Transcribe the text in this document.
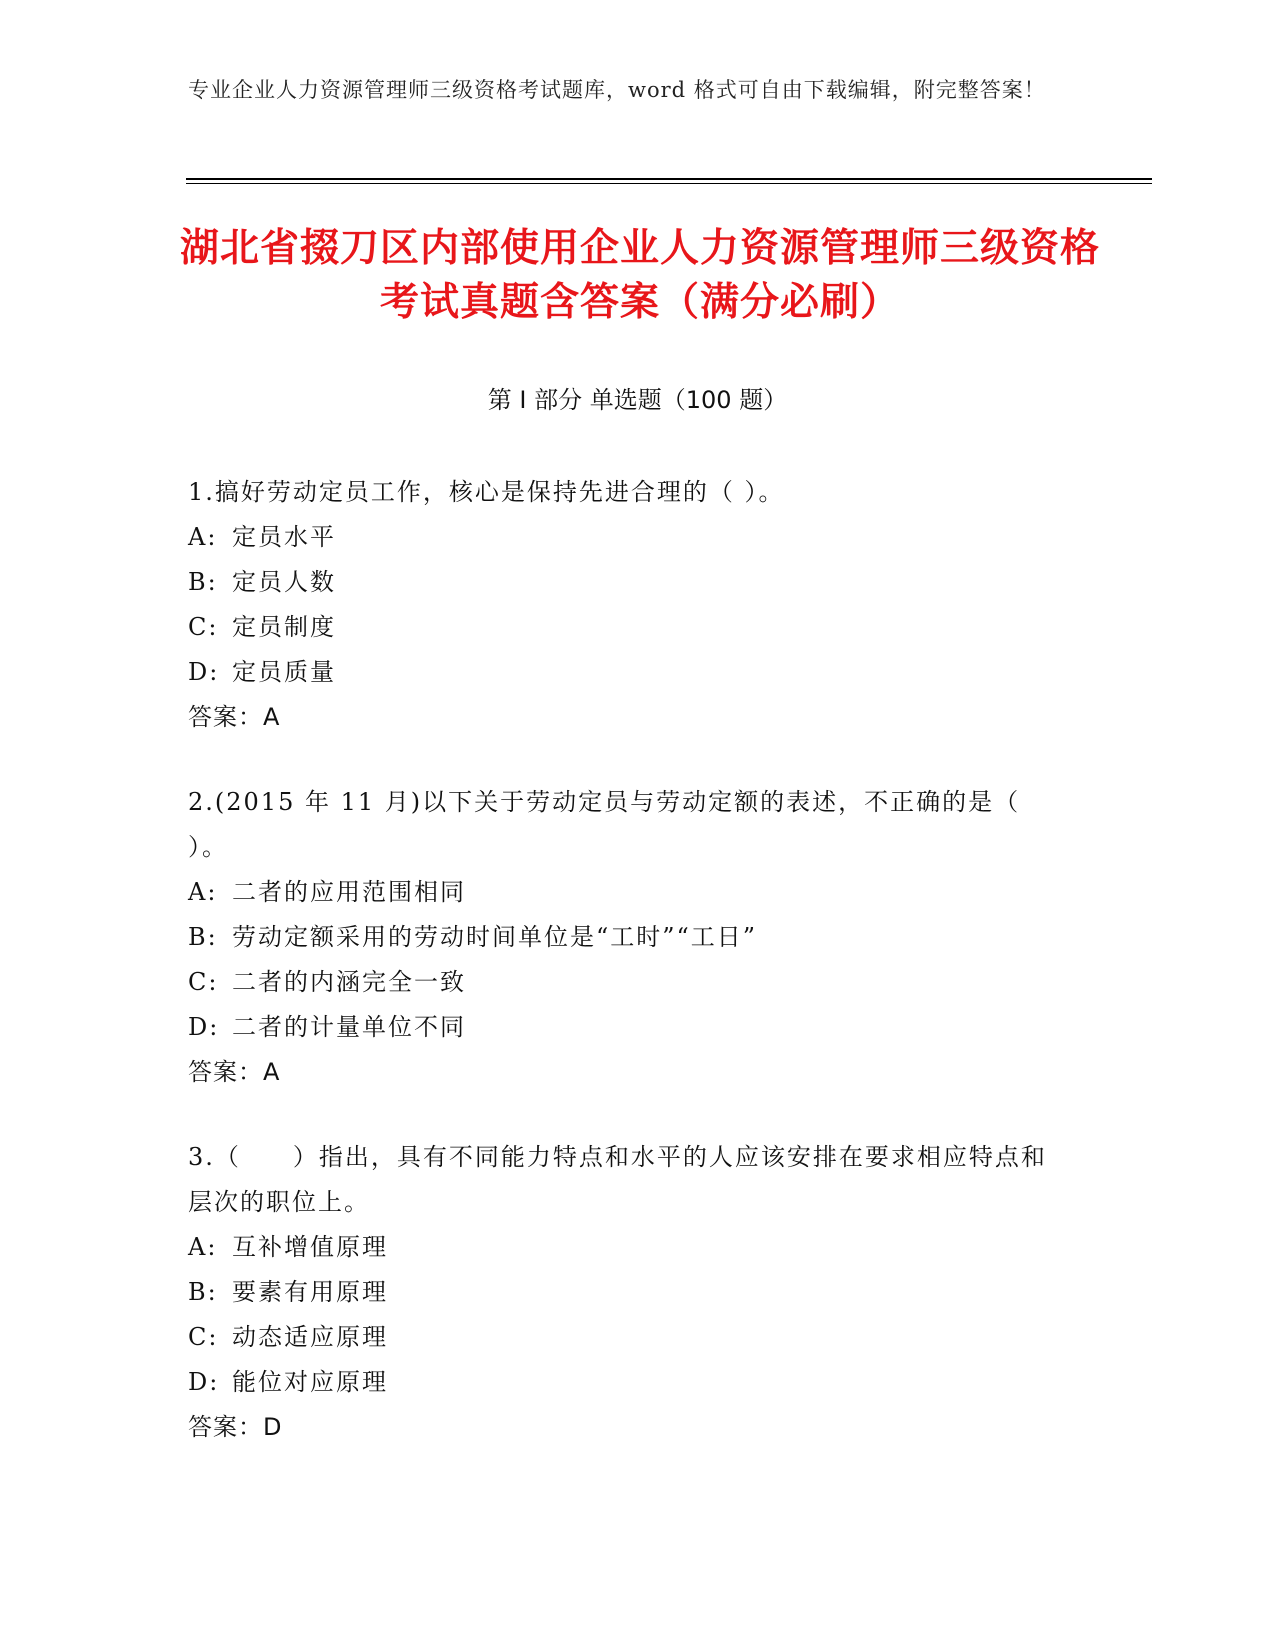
专业企业人力资源管理师三级资格考试题库，word 格式可自由下载编辑，附完整答案！
湖北省掇刀区内部使用企业人力资源管理师三级资格考试真题含答案（满分必刷）
第 I 部分 单选题（100 题）
1.搞好劳动定员工作，核心是保持先进合理的（ ）。
A: 定员水平
B: 定员人数
C: 定员制度
D: 定员质量
答案：A
2.(2015 年 11 月)以下关于劳动定员与劳动定额的表述，不正确的是（ ）。
A: 二者的应用范围相同
B: 劳动定额采用的劳动时间单位是“工时”“工日”
C: 二者的内涵完全一致
D: 二者的计量单位不同
答案：A
3.（　　）指出，具有不同能力特点和水平的人应该安排在要求相应特点和层次的职位上。
A: 互补增值原理
B: 要素有用原理
C: 动态适应原理
D: 能位对应原理
答案：D
